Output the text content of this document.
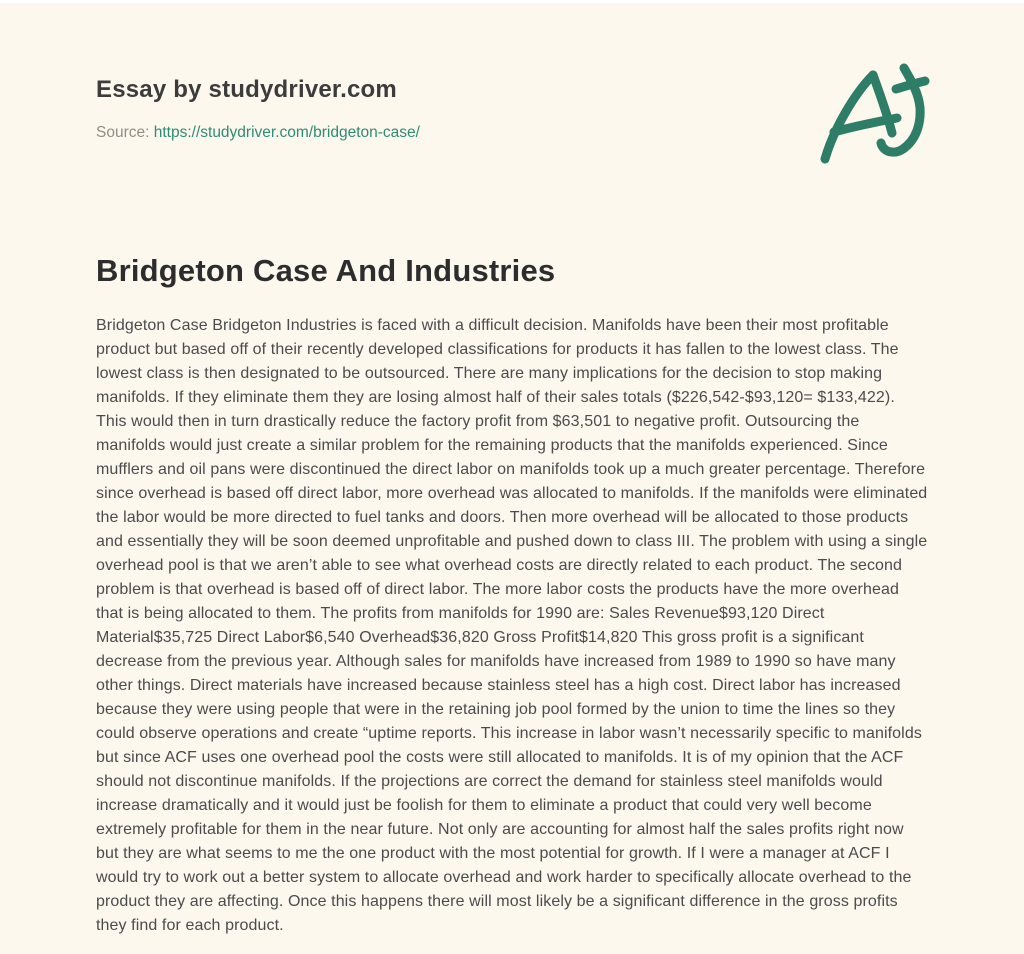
Essay by studydriver.com
Source: https://studydriver.com/bridgeton-case/
Bridgeton Case And Industries

Bridgeton Case Bridgeton Industries is faced with a difficult decision. Manifolds have been their most profitable product but based off of their recently developed classifications for products it has fallen to the lowest class. The lowest class is then designated to be outsourced. There are many implications for the decision to stop making manifolds. If they eliminate them they are losing almost half of their sales totals ($226,542-$93,120= $133,422). This would then in turn drastically reduce the factory profit from $63,501 to negative profit. Outsourcing the manifolds would just create a similar problem for the remaining products that the manifolds experienced. Since mufflers and oil pans were discontinued the direct labor on manifolds took up a much greater percentage. Therefore since overhead is based off direct labor, more overhead was allocated to manifolds. If the manifolds were eliminated the labor would be more directed to fuel tanks and doors. Then more overhead will be allocated to those products and essentially they will be soon deemed unprofitable and pushed down to class III. The problem with using a single overhead pool is that we aren’t able to see what overhead costs are directly related to each product. The second problem is that overhead is based off of direct labor. The more labor costs the products have the more overhead that is being allocated to them. The profits from manifolds for 1990 are: Sales Revenue$93,120 Direct Material$35,725 Direct Labor$6,540 Overhead$36,820 Gross Profit$14,820 This gross profit is a significant decrease from the previous year. Although sales for manifolds have increased from 1989 to 1990 so have many other things. Direct materials have increased because stainless steel has a high cost. Direct labor has increased because they were using people that were in the retaining job pool formed by the union to time the lines so they could observe operations and create “uptime reports. This increase in labor wasn’t necessarily specific to manifolds but since ACF uses one overhead pool the costs were still allocated to manifolds. It is of my opinion that the ACF should not discontinue manifolds. If the projections are correct the demand for stainless steel manifolds would increase dramatically and it would just be foolish for them to eliminate a product that could very well become extremely profitable for them in the near future. Not only are accounting for almost half the sales profits right now but they are what seems to me the one product with the most potential for growth. If I were a manager at ACF I would try to work out a better system to allocate overhead and work harder to specifically allocate overhead to the product they are affecting. Once this happens there will most likely be a significant difference in the gross profits they find for each product.
